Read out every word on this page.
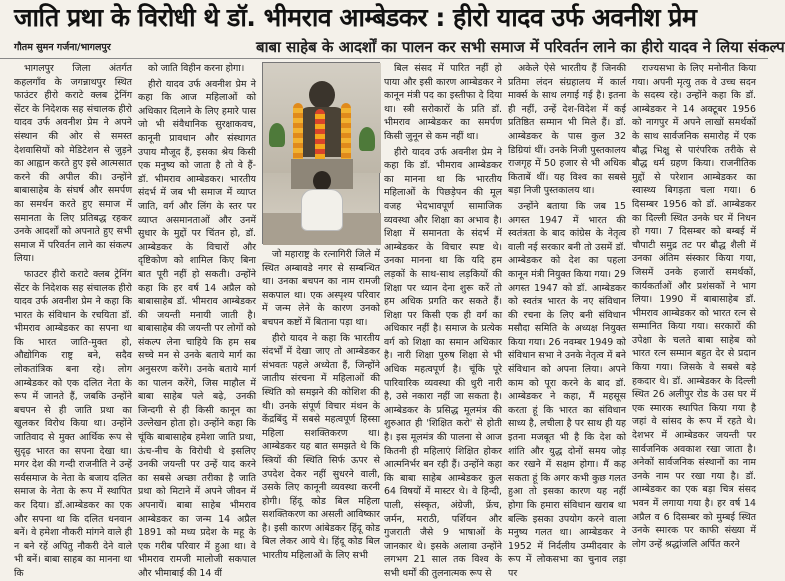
जाति प्रथा के विरोधी थे डॉ. भीमराव आम्बेडकर : हीरो यादव उर्फ अवनीश प्रेम
गौतम सुमन गर्जना/भागलपुर	बाबा साहेब के आदर्शों का पालन कर सभी समाज में परिवर्तन लाने का हीरो यादव ने लिया संकल्प

भागलपुर जिला अंतर्गत कहलगाँव के जगन्नाथपुर स्थित फाउंटर हीरो कराटे क्लब ट्रेनिंग सेंटर के निदेशक सह संचालक हीरो यादव उर्फ अवनीश प्रेम ने अपने संस्थान की ओर से समस्त देशवासियों को मेडिटेशन से जुड़ने का आह्वान करते हुए इसे आत्मसात करने की अपील की। उन्होंने बाबासाहेब के संघर्ष और समर्पण का समर्थन करते हुए समाज में समानता के लिए प्रतिबद्ध रहकर उनके आदर्शों को अपनाते हुए सभी समाज में परिवर्तन लाने का संकल्प लिया।

फाउटर हीरो कराटे क्लब ट्रेनिंग सेंटर के निदेशक सह संचालक हीरो यादव उर्फ अवनीश प्रेम ने कहा कि भारत के संविधान के रचयिता डॉ. भीमराव आम्बेडकर का सपना था कि भारत जाति-मुक्त हो, औद्योगिक राष्ट्र बने, सदैव लोकतांत्रिक बना रहे। लोग आम्बेडकर को एक दलित नेता के रूप में जानते हैं, जबकि उन्होंने बचपन से ही जाति प्रथा का खुलकर विरोध किया था। उन्होंने जातिवाद से मुक्त आर्थिक रूप से सुदृढ़ भारत का सपना देखा था। मगर देश की गन्दी राजनीति ने उन्हें सर्वसमाज के नेता के बजाय दलित समाज के नेता के रूप में स्थापित कर दिया। डॉ.आम्बेडकर का एक और सपना था कि दलित धनवान बनें। वे हमेशा नौकरी मांगने वाले ही न बने रहें अपितु नौकरी देने वाले भी बनें। बाबा साहब का मानना था कि

को जाति विहीन करना होगा।

हीरो यादव उर्फ अवनीश प्रेम ने कहा कि आज महिलाओं को अधिकार दिलाने के लिए हमारे पास जो भी संवैधानिक सुरक्षाकवच, कानूनी प्रावधान और संस्थागत उपाय मौजूद हैं, इसका श्रेय किसी एक मनुष्य को जाता है तो वे हैं- डॉ. भीमराव आम्बेडकर। भारतीय संदर्भ में जब भी समाज में व्याप्त जाति, वर्ग और लिंग के स्तर पर व्याप्त असमानताओं और उनमें सुधार के मुद्दों पर चिंतन हो, डॉ. आम्बेडकर के विचारों और दृष्टिकोण को शामिल किए बिना बात पूरी नहीं हो सकती। उन्होंने कहा कि हर वर्ष 14 अप्रैल को बाबासाहेब डॉ. भीमराव आम्बेडकर की जयन्ती मनायी जाती है। बाबासाहेब की जयन्ती पर लोगों को संकल्प लेना चाहिये कि हम सब सच्चे मन से उनके बताये मार्ग का अनुसरण करेंगे। उनके बताये मार्ग का पालन करेंगे, जिस माहौल में बाबा साहेब पले बढ़े, उनकी जिन्दगी से ही किसी कानून का उल्लेखन होता हो। उन्होंने कहा कि चूंकि बाबासाहेब हमेशा जाति प्रथा, ऊंच-नीच के विरोधी थे इसलिए उनकी जयन्ती पर उन्हें याद करने का सबसे अच्छा तरीका है जाति प्रथा को मिटाने में अपने जीवन में अपनायें। बाबा साहेब भीमराव आम्बेडकर का जन्म 14 अप्रैल 1891 को मध्य प्रदेश के महू के एक गरीब परिवार में हुआ था। वे भीमराव रामजी मालोजी सकपाल और भीमाबाई की 14 वीं

जो महाराष्ट्र के रत्नागिरी जिले में स्थित अम्बावडे नगर से सम्बन्धित था। उनका बचपन का नाम रामजी सकपाल था। एक अस्पृश्य परिवार में जन्म लेने के कारण उनको बचपन कष्टों में बिताना पड़ा था।

हीरो यादव ने कहा कि भारतीय संदर्भों में देखा जाए तो आम्बेडकर संभवतः पहले अध्येता हैं, जिन्होंने जातीय संरचना में महिलाओं की स्थिति को समझने की कोशिश की थी। उनके संपूर्ण विचार मंथन के केंद्रबिंदु में सबसे महत्वपूर्ण हिस्सा महिला सशक्तिकरण था। आम्बेडकर यह बात समझते थे कि स्त्रियों की स्थिति सिर्फ ऊपर से उपदेश देकर नहीं सुधरने वाली, उसके लिए कानूनी व्यवस्था करनी होगी। हिंदू कोड बिल महिला सशक्तिकरण का असली आविष्कार है। इसी कारण आंबेडकर हिंदू कोड बिल लेकर आये थे। हिंदू कोड बिल भारतीय महिलाओं के लिए सभी

बिल संसद में पारित नहीं हो पाया और इसी कारण आम्बेडकर ने कानून मंत्री पद का इस्तीफा दे दिया था। स्त्री सरोकारों के प्रति डॉ. भीमराव आम्बेडकर का समर्पण किसी जुनून से कम नहीं था।

हीरो यादव उर्फ अवनीश प्रेम ने कहा कि डॉ. भीमराव आम्बेडकर का मानना था कि भारतीय महिलाओं के पिछड़ेपन की मूल वजह भेदभावपूर्ण सामाजिक व्यवस्था और शिक्षा का अभाव है। शिक्षा में समानता के संदर्भ में आम्बेडकर के विचार स्पष्ट थे। उनका मानना था कि यदि हम लड़कों के साथ-साथ लड़कियों की शिक्षा पर ध्यान देना शुरू करें तो हम अधिक प्रगति कर सकते हैं। शिक्षा पर किसी एक ही वर्ग का अधिकार नहीं है। समाज के प्रत्येक वर्ग को शिक्षा का समान अधिकार है। नारी शिक्षा पुरुष शिक्षा से भी अधिक महत्वपूर्ण है। चूंकि पूरे पारिवारिक व्यवस्था की धुरी नारी है, उसे नकारा नहीं जा सकता है। आम्बेडकर के प्रसिद्ध मूलमंत्र की शुरुआत ही 'शिक्षित करो' से होती है। इस मूलमंत्र की पालना से आज कितनी ही महिलाएं शिक्षित होकर आत्मनिर्भर बन रही हैं। उन्होंने कहा कि बाबा साहेब आम्बेडकर कुल 64 विषयों में मास्टर थे। वे हिन्दी, पाली, संस्कृत, अंग्रेजी, फ्रेंच, जर्मन, मराठी, पर्शियन और गुजराती जैसे 9 भाषाओं के जानकार थे। इसके अलावा उन्होंने लगभग 21 साल तक विश्व के सभी धर्मों की तुलनात्मक रूप से

अकेले ऐसे भारतीय हैं जिनकी प्रतिमा लंदन संग्रहालय में कार्ल मार्क्स के साथ लगाई गई है। इतना ही नहीं, उन्हें देश-विदेश में कई प्रतिष्ठित सम्मान भी मिले हैं। डॉ. आम्बेडकर के पास कुल 32 डिग्रियां थीं। उनके निजी पुस्तकालय राजगृह में 50 हजार से भी अधिक किताबें थीं। यह विश्व का सबसे बड़ा निजी पुस्तकालय था।

उन्होंने बताया कि जब 15 अगस्त 1947 में भारत की स्वतंत्रता के बाद कांग्रेस के नेतृत्व वाली नई सरकार बनी तो उसमें डॉ. आम्बेडकर को देश का पहला कानून मंत्री नियुक्त किया गया। 29 अगस्त 1947 को डॉ. आम्बेडकर को स्वतंत्र भारत के नए संविधान की रचना के लिए बनी संविधान मसौदा समिति के अध्यक्ष नियुक्त किया गया। 26 नवम्बर 1949 को संविधान सभा ने उनके नेतृत्व में बने संविधान को अपना लिया। अपने काम को पूरा करने के बाद डॉ. आम्बेडकर ने कहा, मैं महसूस करता हूं कि भारत का संविधान साध्य है, लचीला है पर साथ ही यह इतना मजबूत भी है कि देश को शांति और युद्ध दोनों समय जोड़ कर रखने में सक्षम होगा। मैं कह सकता हूं कि अगर कभी कुछ गलत हुआ तो इसका कारण यह नहीं होगा कि हमारा संविधान खराब था बल्कि इसका उपयोग करने वाला मनुष्य गलत था। आम्बेडकर ने 1952 में निर्दलीय उम्मीदवार के रूप में लोकसभा का चुनाव लड़ा पर

राज्यसभा के लिए मनोनीत किया गया। अपनी मृत्यु तक वे उच्च सदन के सदस्य रहे। उन्होंने कहा कि डॉ. आम्बेडकर ने 14 अक्टूबर 1956 को नागपुर में अपने लाखों समर्थकों के साथ सार्वजनिक समारोह में एक बौद्ध भिक्षु से पारंपरिक तरीके से बौद्ध धर्म ग्रहण किया। राजनीतिक मुद्दों से परेशान आम्बेडकर का स्वास्थ्य बिगड़ता चला गया। 6 दिसम्बर 1956 को डॉ. आम्बेडकर का दिल्ली स्थित उनके घर में निधन हो गया। 7 दिसम्बर को बम्बई में चौपाटी समुद्र तट पर बौद्ध शैली में उनका अंतिम संस्कार किया गया, जिसमें उनके हजारों समर्थकों, कार्यकर्ताओं और प्रशंसकों ने भाग लिया। 1990 में बाबासाहेब डॉ. भीमराव आम्बेडकर को भारत रत्न से सम्मानित किया गया। सरकारों की उपेक्षा के चलते बाबा साहेब को भारत रत्न सम्मान बहुत देर से प्रदान किया गया। जिसके वे सबसे बड़े हकदार थे। डॉ. आम्बेडकर के दिल्ली स्थित 26 अलीपुर रोड के उस घर में एक स्मारक स्थापित किया गया है जहां वे सांसद के रूप में रहते थे। देशभर में आम्बेडकर जयन्ती पर सार्वजनिक अवकाश रखा जाता है। अनेकों सार्वजनिक संस्थानों का नाम उनके नाम पर रखा गया है। डॉ. आम्बेडकर का एक बड़ा चित्र संसद भवन में लगाया गया है। हर वर्ष 14 अप्रैल व 6 दिसम्बर को मुम्बई स्थित उनके स्मारक पर काफी संख्या में लोग उन्हें श्रद्धांजलि अर्पित करने
